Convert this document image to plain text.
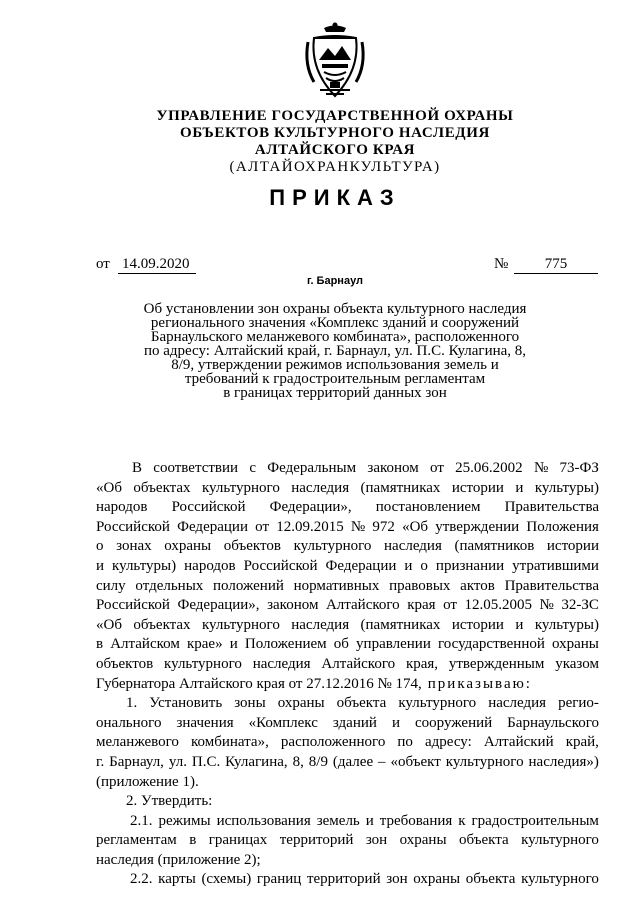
УПРАВЛЕНИЕ ГОСУДАРСТВЕННОЙ ОХРАНЫ
ОБЪЕКТОВ КУЛЬТУРНОГО НАСЛЕДИЯ
АЛТАЙСКОГО КРАЯ
(АЛТАЙОХРАНКУЛЬТУРА)
ПРИКАЗ
от 14.09.2020	№	775
г. Барнаул
Об установлении зон охраны объекта культурного наследия
регионального значения «Комплекс зданий и сооружений
Барнаульского меланжевого комбината», расположенного
по адресу: Алтайский край, г. Барнаул, ул. П.С. Кулагина, 8,
8/9, утверждении режимов использования земель и
требований к градостроительным регламентам
в границах территорий данных зон
В соответствии с Федеральным законом от 25.06.2002 № 73-ФЗ
«Об объектах культурного наследия (памятниках истории и культуры)
народов Российской Федерации», постановлением Правительства
Российской Федерации от 12.09.2015 № 972 «Об утверждении Положения
о зонах охраны объектов культурного наследия (памятников истории
и культуры) народов Российской Федерации и о признании утратившими
силу отдельных положений нормативных правовых актов Правительства
Российской Федерации», законом Алтайского края от 12.05.2005 № 32-ЗС
«Об объектах культурного наследия (памятниках истории и культуры)
в Алтайском крае» и Положением об управлении государственной охраны
объектов культурного наследия Алтайского края, утвержденным указом
Губернатора Алтайского края от 27.12.2016 № 174, приказываю:
1. Установить зоны охраны объекта культурного наследия регио-
онального значения «Комплекс зданий и сооружений Барнаульского
меланжевого комбината», расположенного по адресу: Алтайский край,
г. Барнаул, ул. П.С. Кулагина, 8, 8/9 (далее – «объект культурного наследия»)
(приложение 1).
2. Утвердить:
2.1. режимы использования земель и требования к градостроительным
регламентам в границах территорий зон охраны объекта культурного
наследия (приложение 2);
2.2. карты (схемы) границ территорий зон охраны объекта культурного
